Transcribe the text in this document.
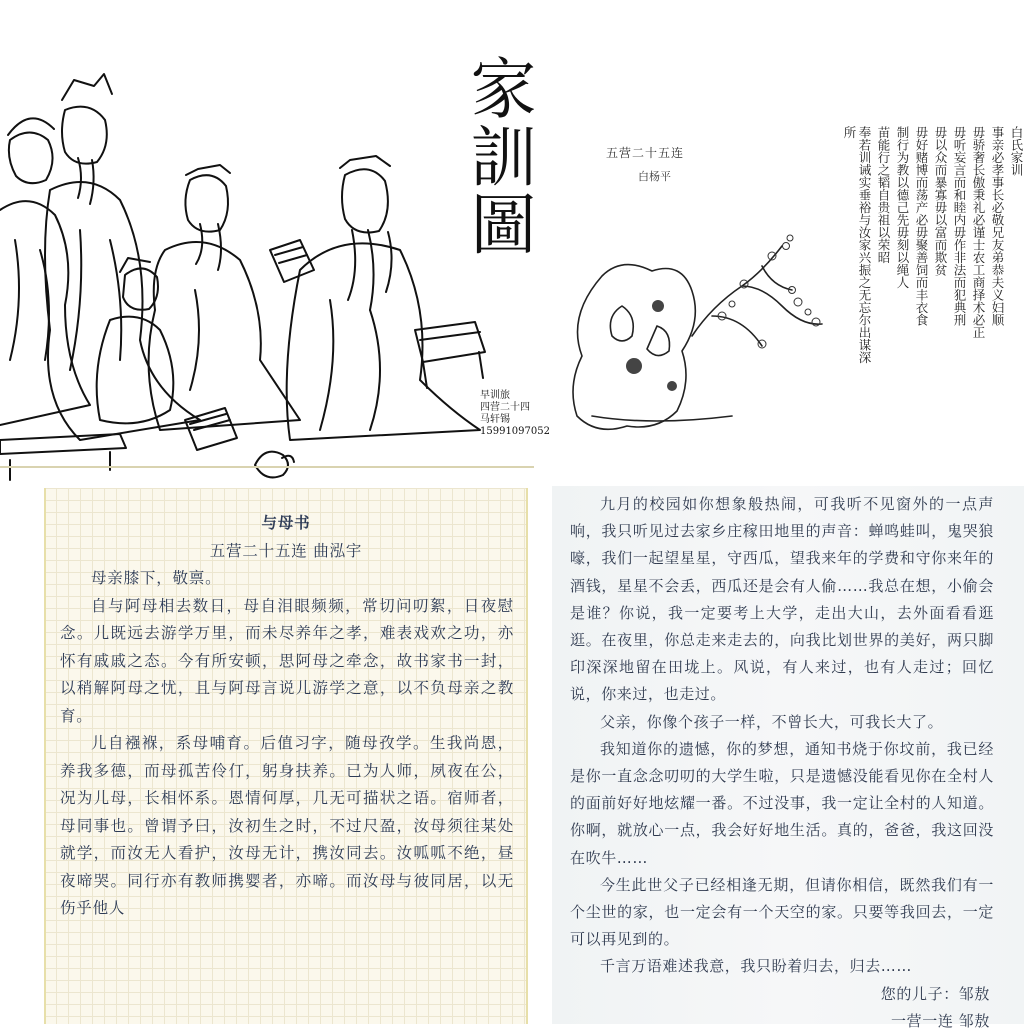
家訓圖
早训旅
四营二十四
马轩锡
15991097052
五营二十五连
白杨平
白氏家训
事亲必孝事长必敬兄友弟恭夫义妇顺
毋骄奢长傲秉礼必谨士农工商择术必正
毋听妄言而和睦内毋作非法而犯典刑
毋以众而暴寡毋以富而欺贫
毋好赌博而荡产必毋聚善饲而丰衣食
制行为教以德己先毋刻以绳人
苗能行之韬自贵祖以荣昭
奉若训诫实垂裕与汝家兴振之无忘尔出谋深所
与母书
五营二十五连 曲泓宇

母亲膝下，敬禀。

自与阿母相去数日，母自泪眼频频，常切问叨絮，日夜慰念。儿既远去游学万里，而未尽养年之孝，难表戏欢之功，亦怀有戚戚之态。今有所安顿，思阿母之牵念，故书家书一封，以稍解阿母之忧，且与阿母言说儿游学之意，以不负母亲之教育。

儿自襁褓，系母哺育。后值习字，随母孜学。生我尚恩，养我多德，而母孤苦伶仃，躬身扶养。已为人师，夙夜在公，况为儿母，长相怀系。恩情何厚，几无可描状之语。宿师者，母同事也。曾谓予曰，汝初生之时，不过尺盈，汝母须往某处就学，而汝无人看护，汝母无计，携汝同去。汝呱呱不绝，昼夜啼哭。同行亦有教师携婴者，亦啼。而汝母与彼同居，以无伤乎他人

九月的校园如你想象般热闹，可我听不见窗外的一点声响，我只听见过去家乡庄稼田地里的声音：蝉鸣蛙叫，鬼哭狼嚎，我们一起望星星，守西瓜，望我来年的学费和守你来年的酒钱，星星不会丢，西瓜还是会有人偷……我总在想，小偷会是谁？你说，我一定要考上大学，走出大山，去外面看看逛逛。在夜里，你总走来走去的，向我比划世界的美好，两只脚印深深地留在田垅上。风说，有人来过，也有人走过；回忆说，你来过，也走过。

父亲，你像个孩子一样，不曾长大，可我长大了。

我知道你的遗憾，你的梦想，通知书烧于你坟前，我已经是你一直念念叨叨的大学生啦，只是遗憾没能看见你在全村人的面前好好地炫耀一番。不过没事，我一定让全村的人知道。你啊，就放心一点，我会好好地生活。真的，爸爸，我这回没在吹牛……

今生此世父子已经相逢无期，但请你相信，既然我们有一个尘世的家，也一定会有一个天空的家。只要等我回去，一定可以再见到的。

千言万语难述我意，我只盼着归去，归去……

您的儿子：邹敖

一营一连 邹敖
